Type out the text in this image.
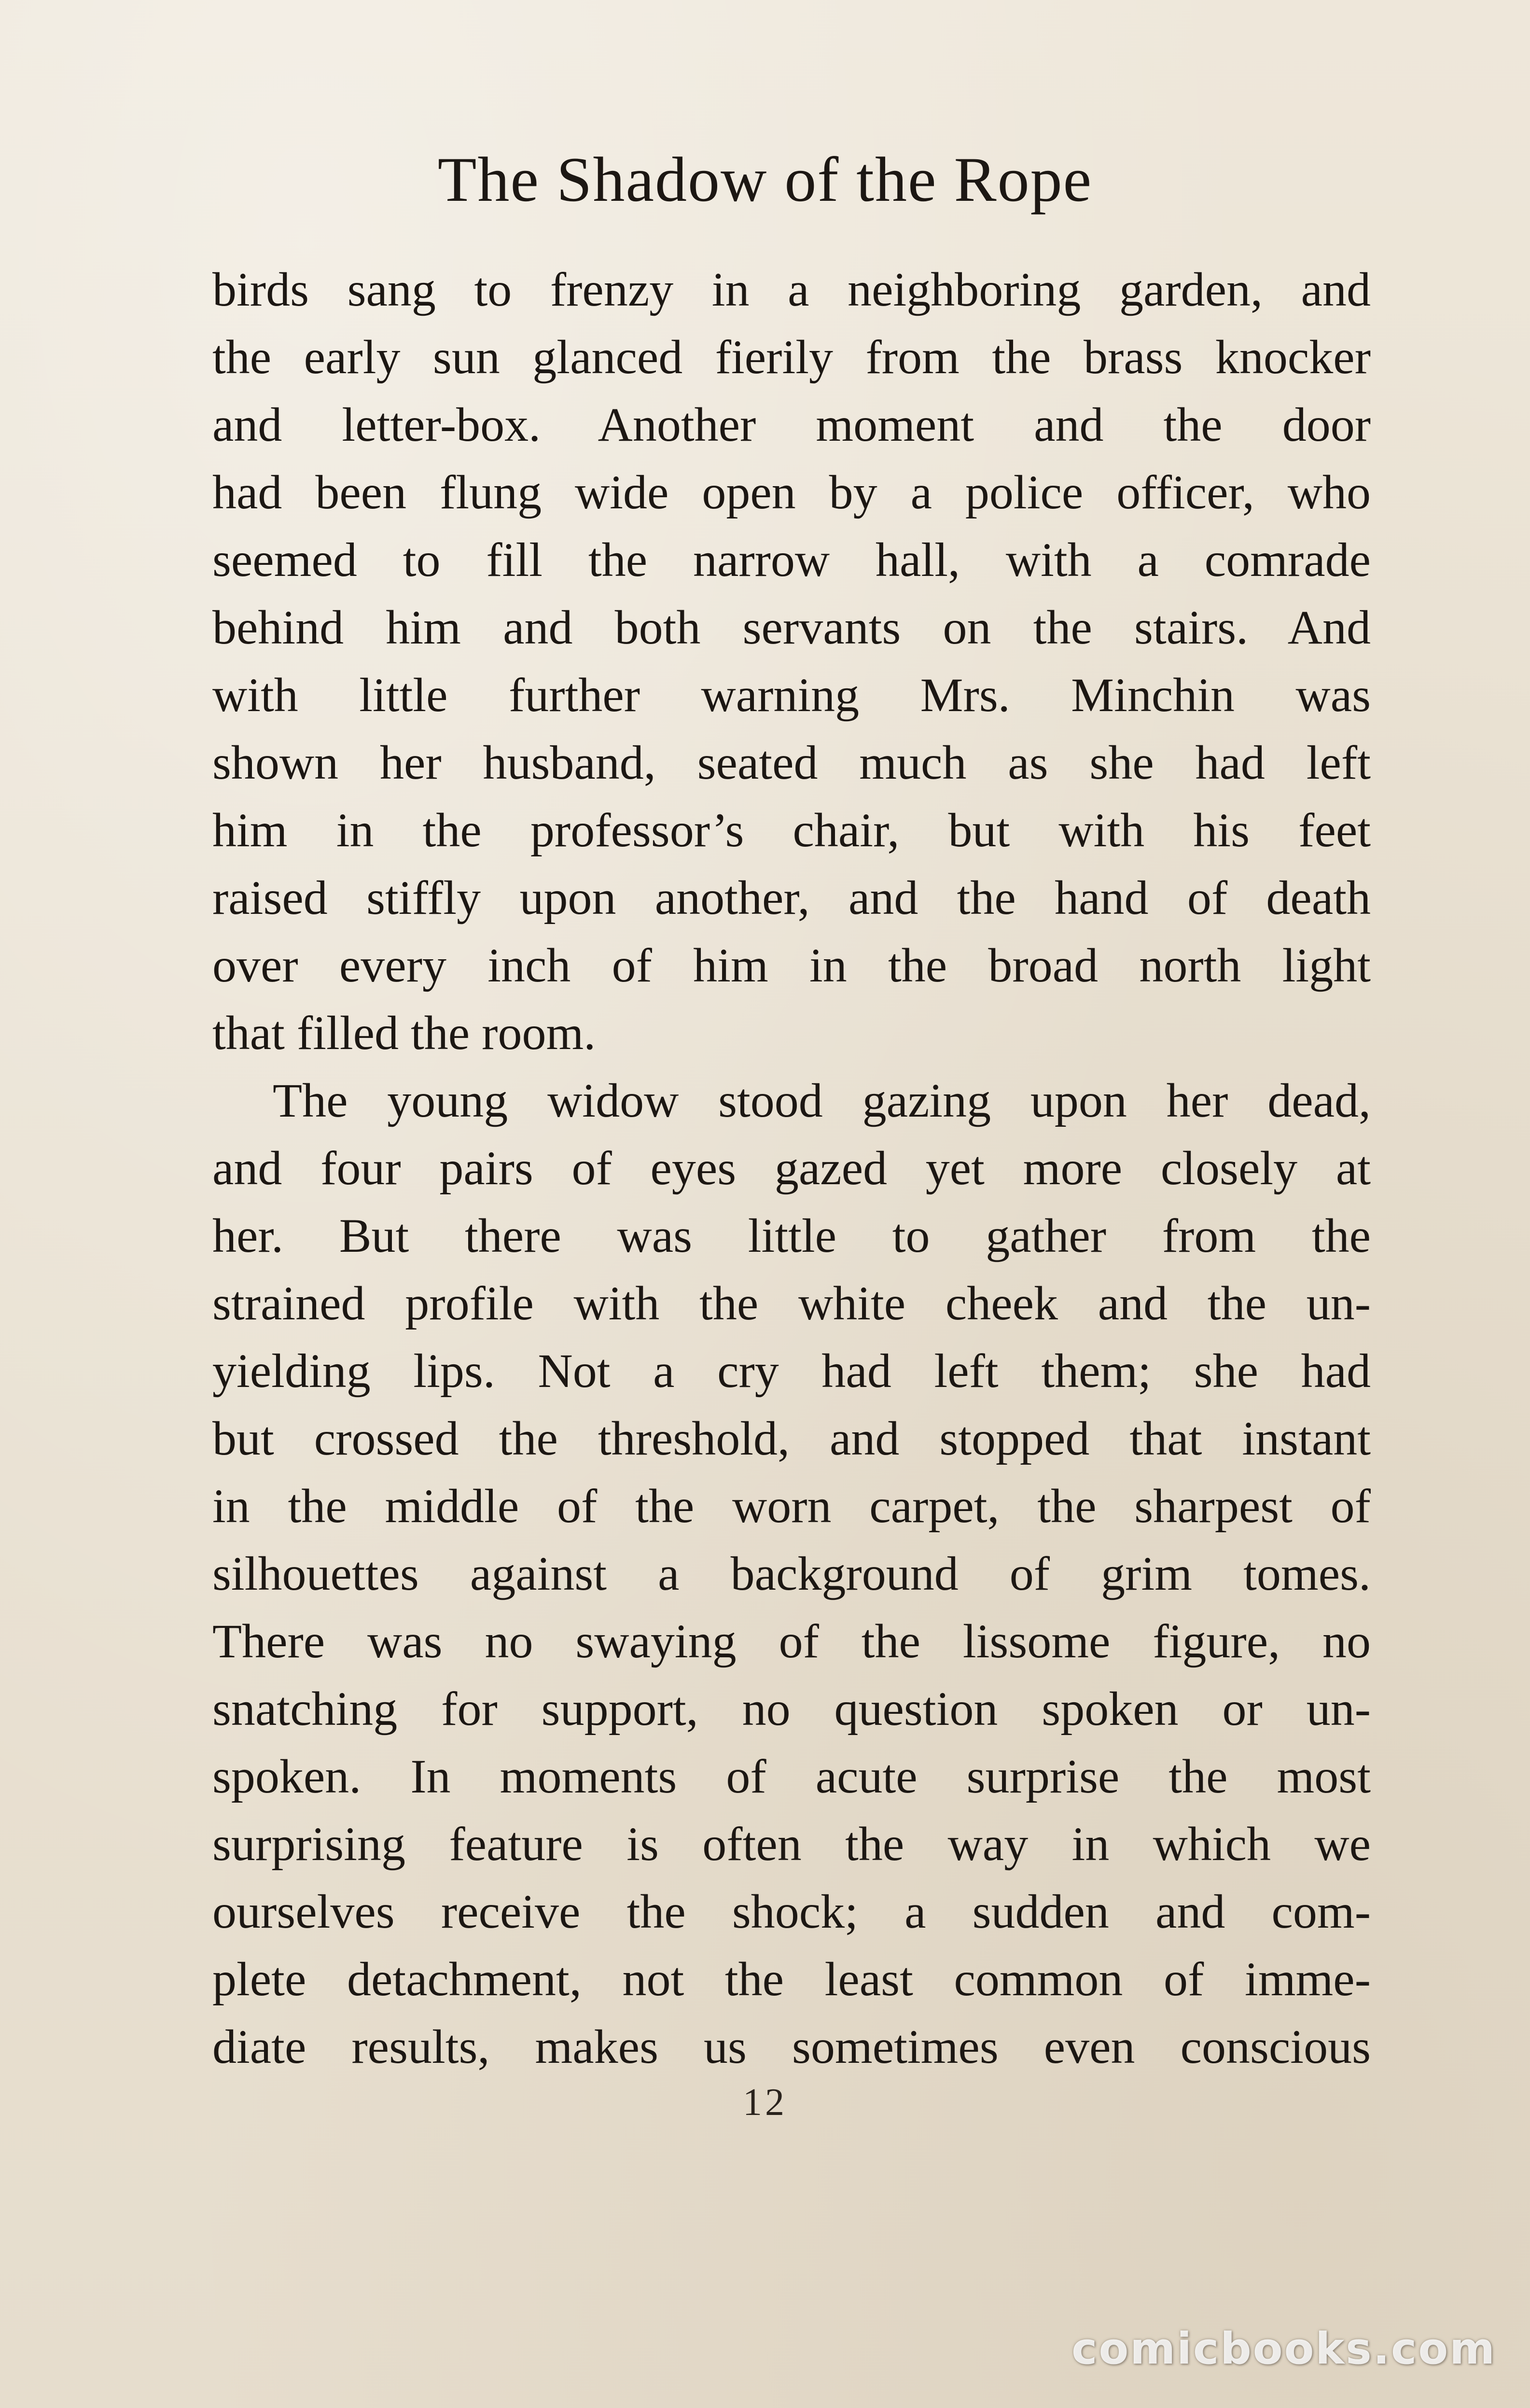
The Shadow of the Rope
birds sang to frenzy in a neighboring garden, and
the early sun glanced fierily from the brass knocker
and letter-box. Another moment and the door
had been flung wide open by a police officer, who
seemed to fill the narrow hall, with a comrade
behind him and both servants on the stairs. And
with little further warning Mrs. Minchin was
shown her husband, seated much as she had left
him in the professor’s chair, but with his feet
raised stiffly upon another, and the hand of death
over every inch of him in the broad north light
that filled the room.
The young widow stood gazing upon her dead,
and four pairs of eyes gazed yet more closely at
her. But there was little to gather from the
strained profile with the white cheek and the un-
yielding lips. Not a cry had left them; she had
but crossed the threshold, and stopped that instant
in the middle of the worn carpet, the sharpest of
silhouettes against a background of grim tomes.
There was no swaying of the lissome figure, no
snatching for support, no question spoken or un-
spoken. In moments of acute surprise the most
surprising feature is often the way in which we
ourselves receive the shock; a sudden and com-
plete detachment, not the least common of imme-
diate results, makes us sometimes even conscious
12
comicbooks.com
